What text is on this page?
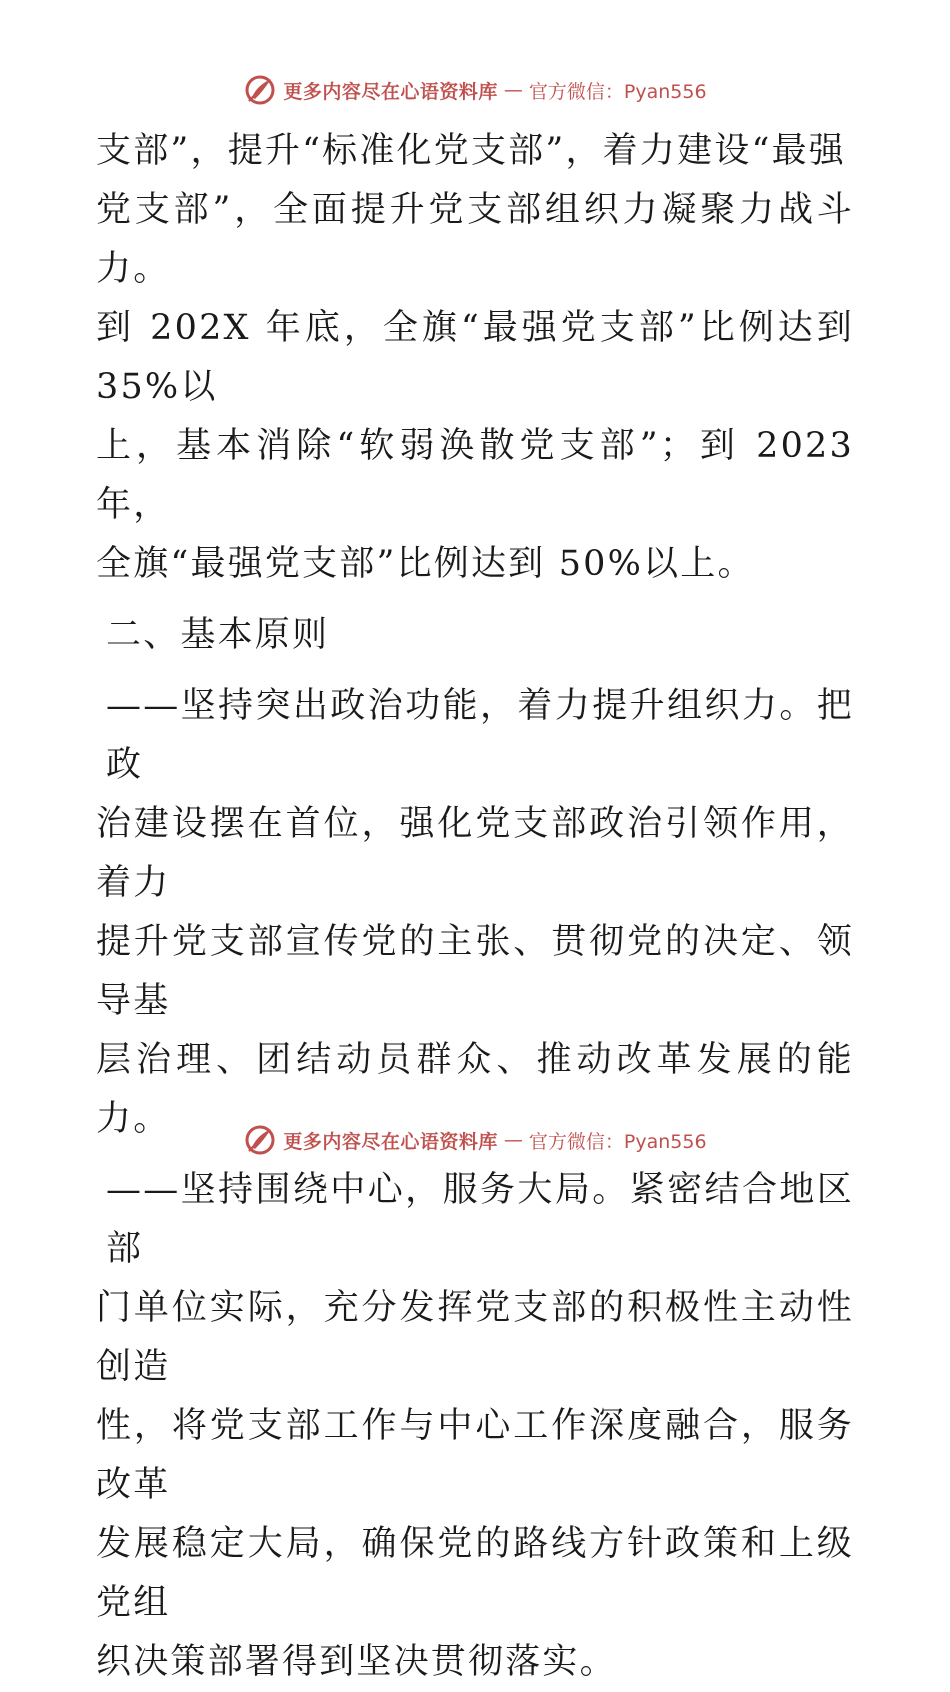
更多内容尽在心语资料库 — 官方微信：Pyan556

支部”，提升“标准化党支部”，着力建设“最强

党支部”，全面提升党支部组织力凝聚力战斗力。

到 202X 年底，全旗“最强党支部”比例达到 35%以

上，基本消除“软弱涣散党支部”；到 2023 年，

全旗“最强党支部”比例达到 50%以上。

二、基本原则

——坚持突出政治功能，着力提升组织力。把政

治建设摆在首位，强化党支部政治引领作用，着力

提升党支部宣传党的主张、贯彻党的决定、领导基

层治理、团结动员群众、推动改革发展的能力。

——坚持围绕中心，服务大局。紧密结合地区部

门单位实际，充分发挥党支部的积极性主动性创造

性，将党支部工作与中心工作深度融合，服务改革

发展稳定大局，确保党的路线方针政策和上级党组

织决策部署得到坚决贯彻落实。

更多内容尽在心语资料库 — 官方微信：Pyan556
